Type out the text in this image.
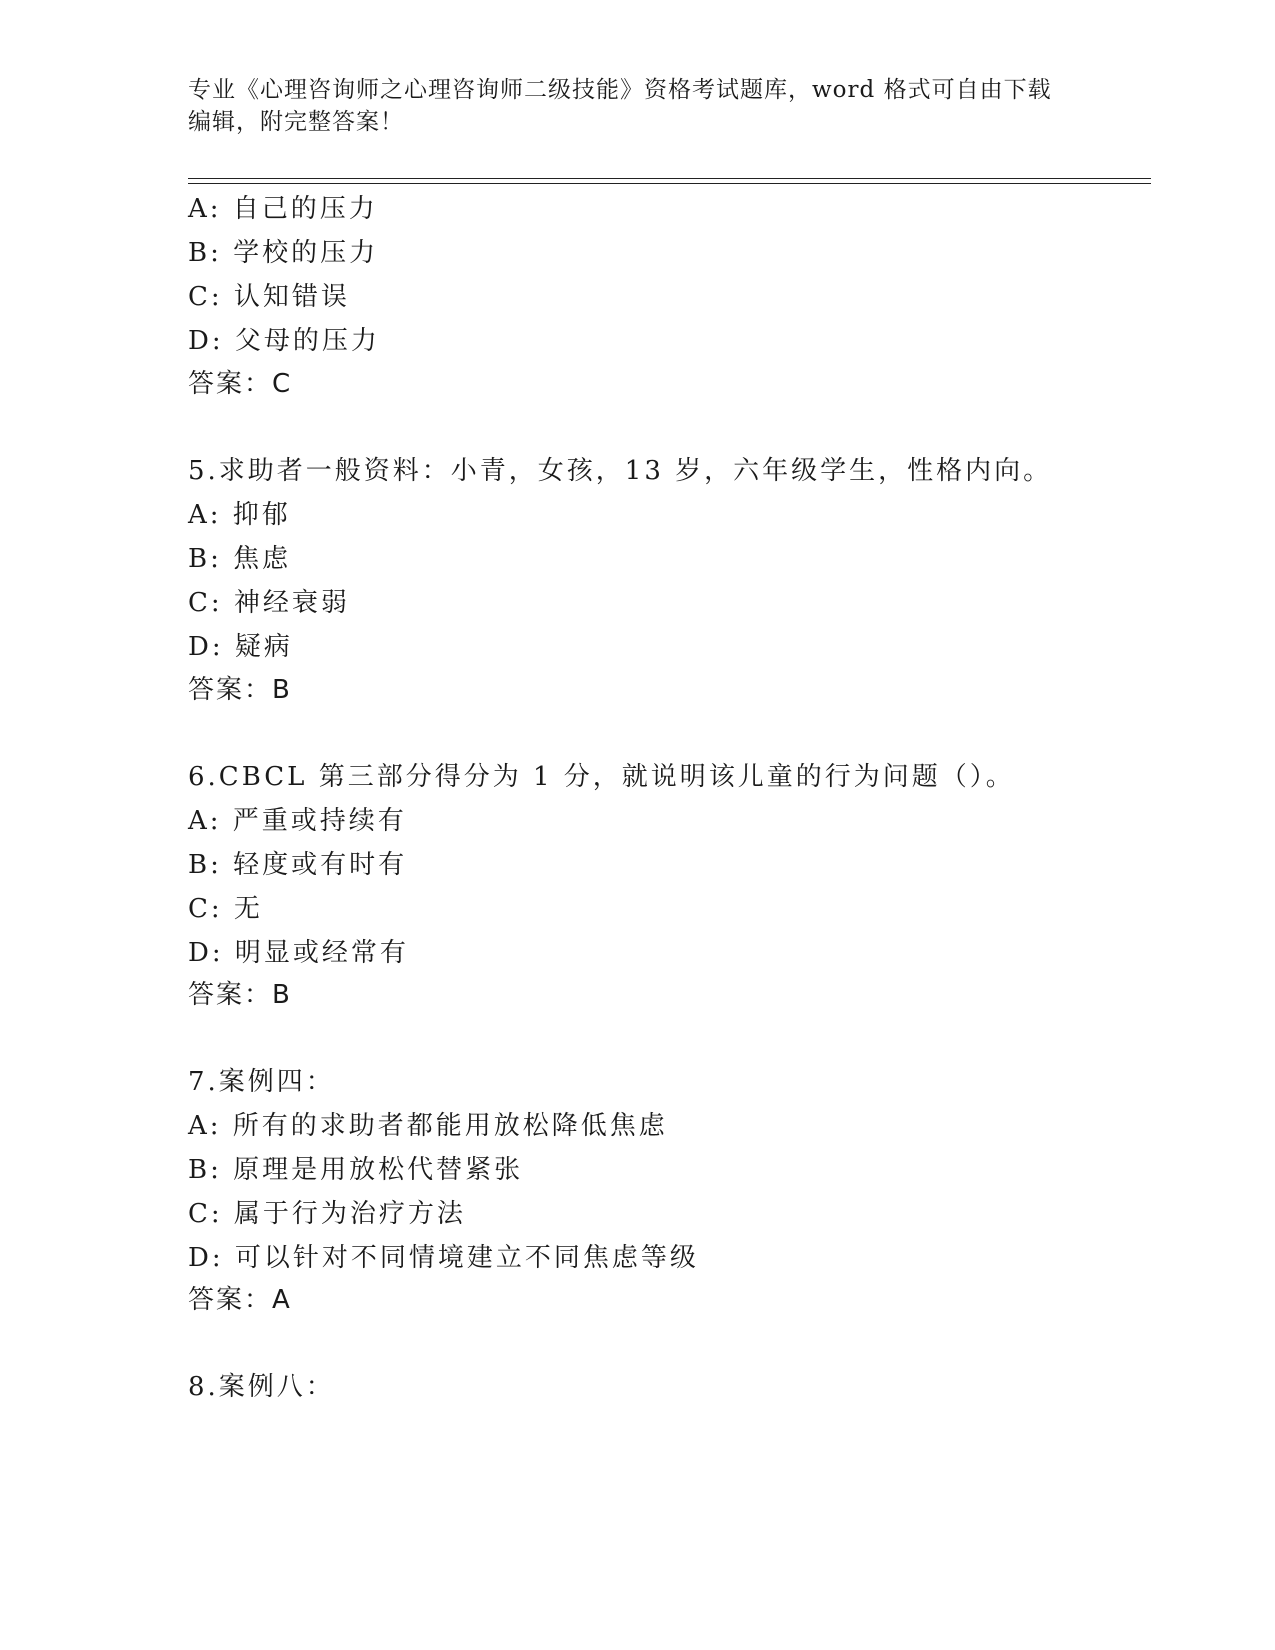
专业《心理咨询师之心理咨询师二级技能》资格考试题库，word 格式可自由下载
编辑，附完整答案！
A: 自己的压力
B: 学校的压力
C: 认知错误
D: 父母的压力
答案：C
5.求助者一般资料：小青，女孩，13 岁，六年级学生，性格内向。
A: 抑郁
B: 焦虑
C: 神经衰弱
D: 疑病
答案：B
6.CBCL 第三部分得分为 1 分，就说明该儿童的行为问题（）。
A: 严重或持续有
B: 轻度或有时有
C: 无
D: 明显或经常有
答案：B
7.案例四：
A: 所有的求助者都能用放松降低焦虑
B: 原理是用放松代替紧张
C: 属于行为治疗方法
D: 可以针对不同情境建立不同焦虑等级
答案：A
8.案例八：
